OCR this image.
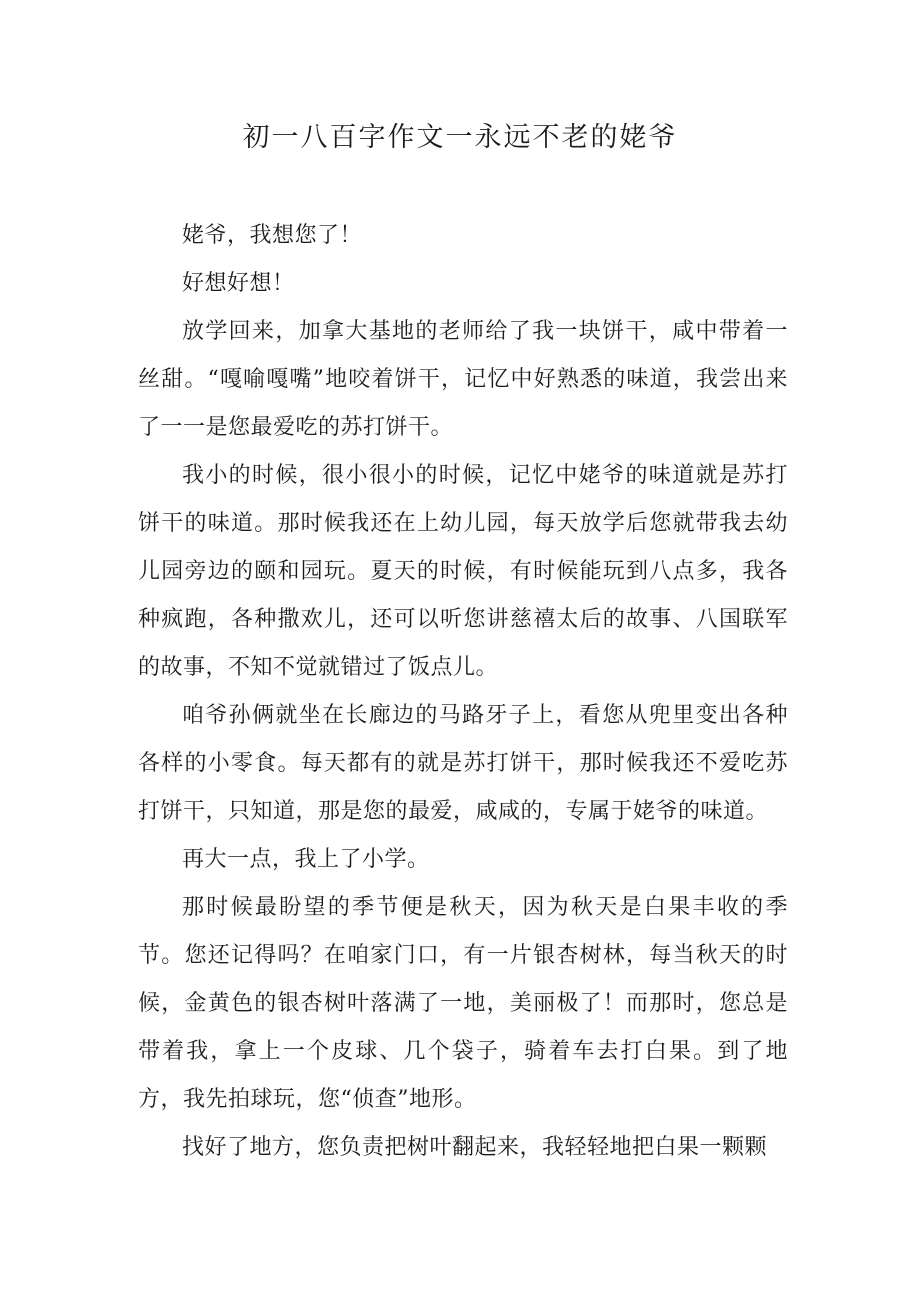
初一八百字作文一永远不老的姥爷

姥爷，我想您了！

好想好想！

放学回来，加拿大基地的老师给了我一块饼干，咸中带着一丝甜。“嘎喻嘎嘴”地咬着饼干，记忆中好熟悉的味道，我尝出来了一一是您最爱吃的苏打饼干。

我小的时候，很小很小的时候，记忆中姥爷的味道就是苏打饼干的味道。那时候我还在上幼儿园，每天放学后您就带我去幼儿园旁边的颐和园玩。夏天的时候，有时候能玩到八点多，我各种疯跑，各种撒欢儿，还可以听您讲慈禧太后的故事、八国联军的故事，不知不觉就错过了饭点儿。

咱爷孙俩就坐在长廊边的马路牙子上，看您从兜里变出各种各样的小零食。每天都有的就是苏打饼干，那时候我还不爱吃苏打饼干，只知道，那是您的最爱，咸咸的，专属于姥爷的味道。

再大一点，我上了小学。

那时候最盼望的季节便是秋天，因为秋天是白果丰收的季节。您还记得吗？在咱家门口，有一片银杏树林，每当秋天的时候，金黄色的银杏树叶落满了一地，美丽极了！而那时，您总是带着我，拿上一个皮球、几个袋子，骑着车去打白果。到了地方，我先拍球玩，您“侦查”地形。

找好了地方，您负责把树叶翻起来，我轻轻地把白果一颗颗
